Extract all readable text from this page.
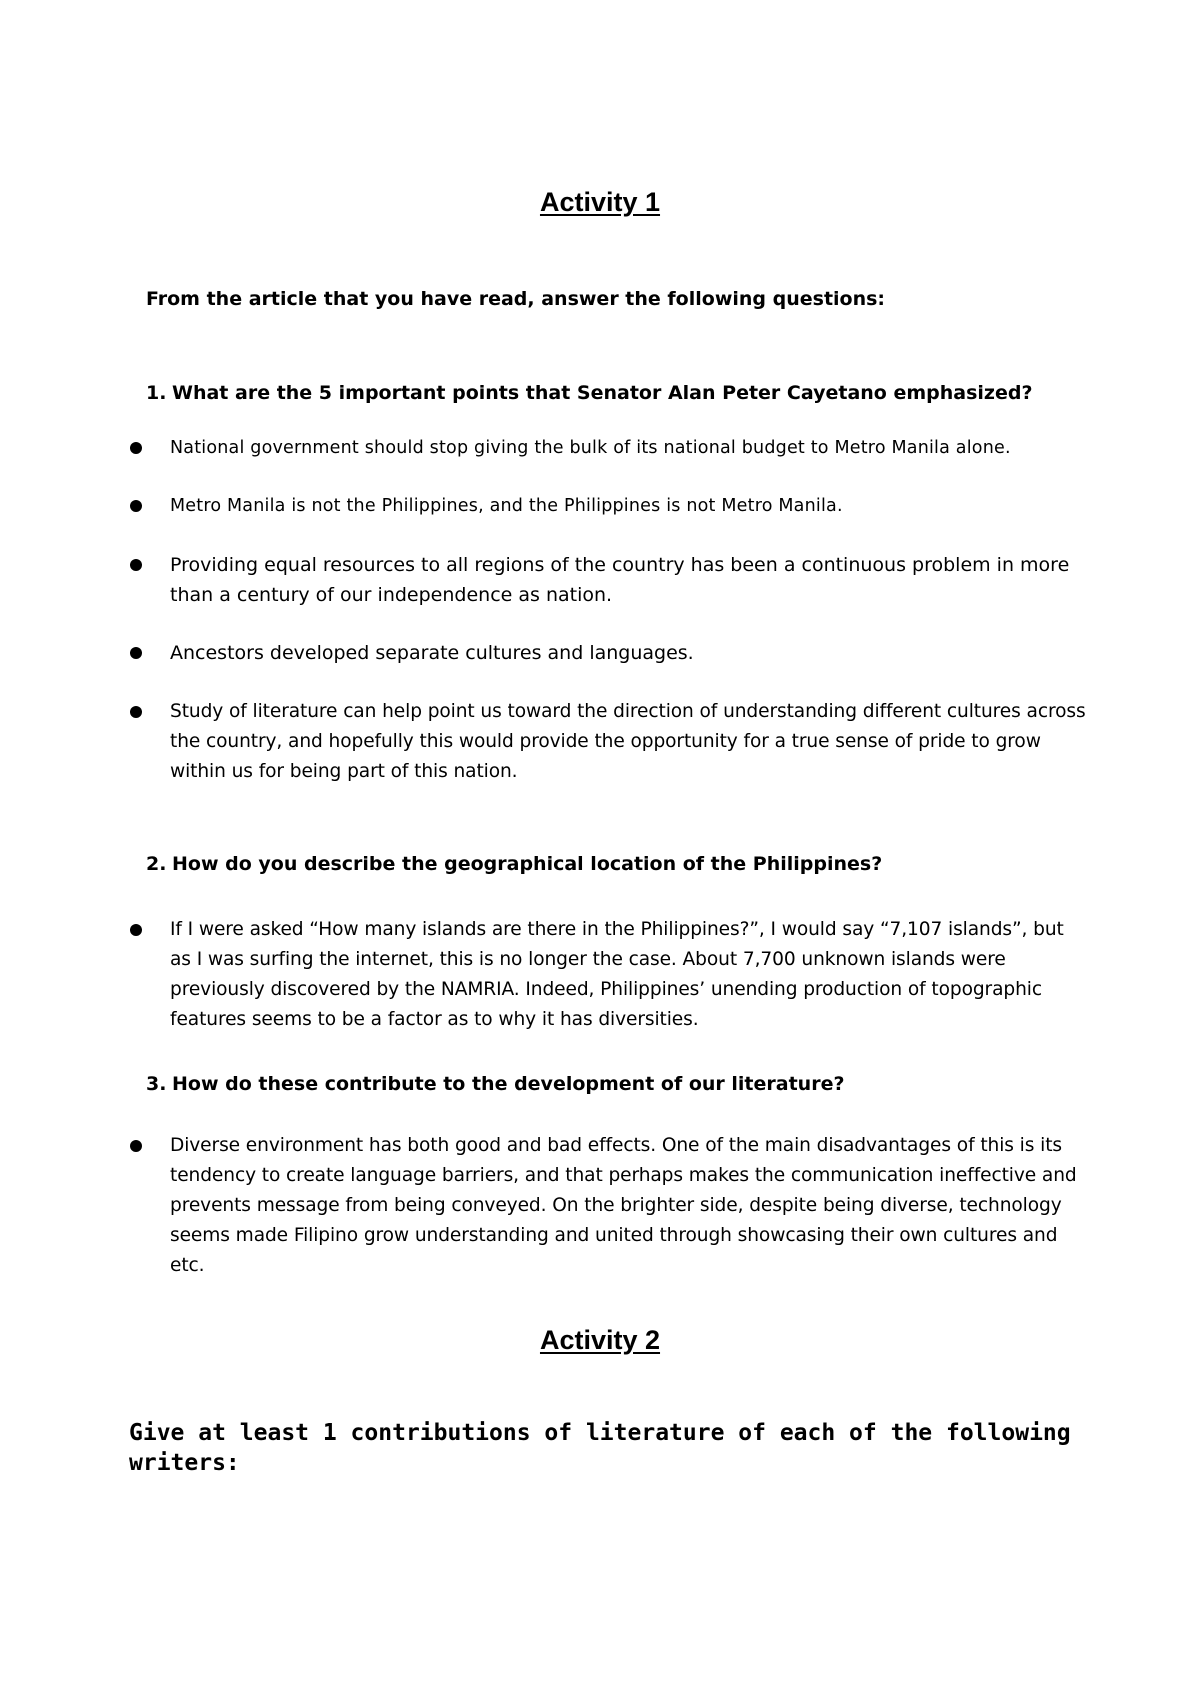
Activity 1
From the article that you have read, answer the following questions:
1. What are the 5 important points that Senator Alan Peter Cayetano emphasized?
National government should stop giving the bulk of its national budget to Metro Manila alone.
Metro Manila is not the Philippines, and the Philippines is not Metro Manila.
Providing equal resources to all regions of the country has been a continuous problem in more than a century of our independence as nation.
Ancestors developed separate cultures and languages.
Study of literature can help point us toward the direction of understanding different cultures across the country, and hopefully this would provide the opportunity for a true sense of pride to grow within us for being part of this nation.
2. How do you describe the geographical location of the Philippines?
If I were asked “How many islands are there in the Philippines?”, I would say “7,107 islands”, but as I was surfing the internet, this is no longer the case. About 7,700 unknown islands were previously discovered by the NAMRIA. Indeed, Philippines’ unending production of topographic features seems to be a factor as to why it has diversities.
3. How do these contribute to the development of our literature?
Diverse environment has both good and bad effects. One of the main disadvantages of this is its tendency to create language barriers, and that perhaps makes the communication ineffective and prevents message from being conveyed. On the brighter side, despite being diverse, technology seems made Filipino grow understanding and united through showcasing their own cultures and etc.
Activity 2
Give at least 1 contributions of literature of each of the following writers:
